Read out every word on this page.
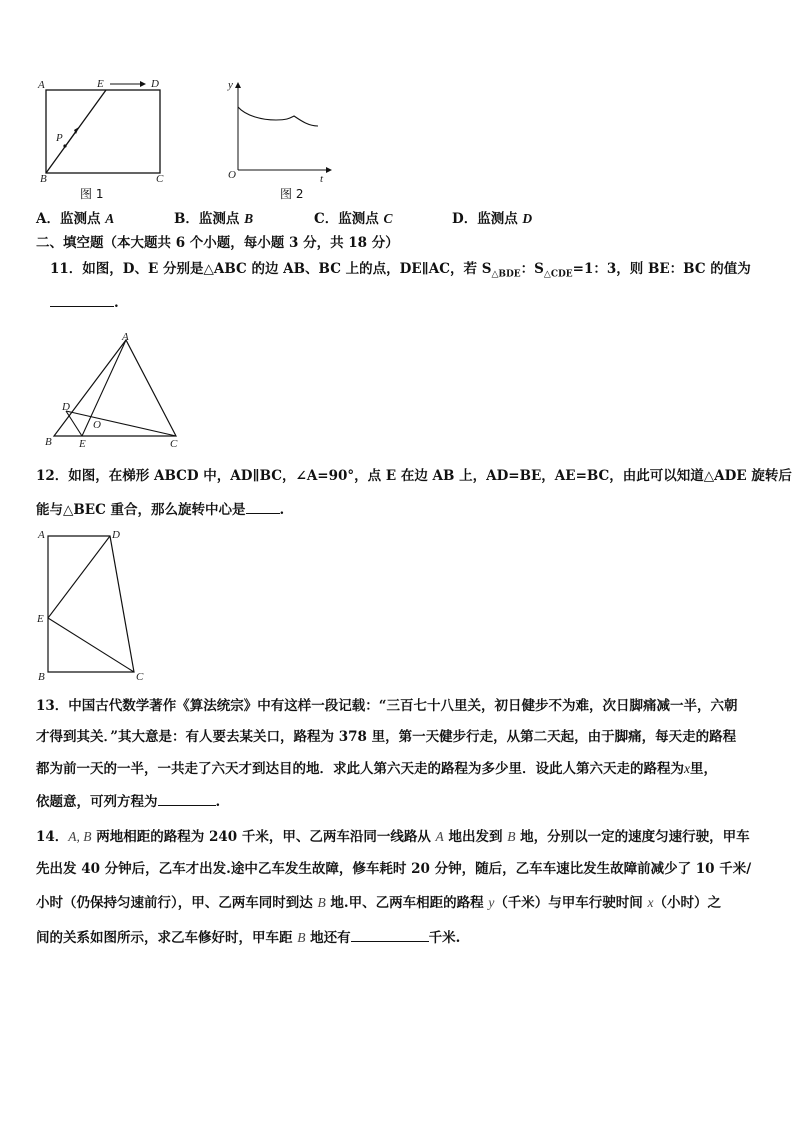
A	E	D
P
B	C
图 1
y
O	t
图 2
A．监测点 A	B．监测点 B	C．监测点 C	D．监测点 D
二、填空题（本大题共 6 个小题，每小题 3 分，共 18 分）
11．如图，D、E 分别是△ABC 的边 AB、BC 上的点，DE∥AC，若 $S_{\triangle BDE}$：$S_{\triangle CDE}=1$：3，则 BE：BC 的值为
.
A
D
O
B E	C
12．如图，在梯形 ABCD 中，AD∥BC，∠A=90°，点 E 在边 AB 上，AD=BE，AE=BC，由此可以知道△ADE 旋转后
能与△BEC 重合，那么旋转中心是	.
A	D
E
B	C
13．中国古代数学著作《算法统宗》中有这样一段记载：“三百七十八里关，初日健步不为难，次日脚痛减一半，六朝
才得到其关．”其大意是：有人要去某关口，路程为 378 里，第一天健步行走，从第二天起，由于脚痛，每天走的路程
都为前一天的一半，一共走了六天才到达目的地．求此人第六天走的路程为多少里．设此人第六天走的路程为x里，
依题意，可列方程为	.
14．A, B 两地相距的路程为 240 千米，甲、乙两车沿同一线路从 A 地出发到 B 地，分别以一定的速度匀速行驶，甲车
先出发 40 分钟后，乙车才出发.途中乙车发生故障，修车耗时 20 分钟，随后，乙车车速比发生故障前减少了 10 千米/
小时（仍保持匀速前行），甲、乙两车同时到达 B 地.甲、乙两车相距的路程 y（千米）与甲车行驶时间 x（小时）之
间的关系如图所示，求乙车修好时，甲车距 B 地还有	千米.
